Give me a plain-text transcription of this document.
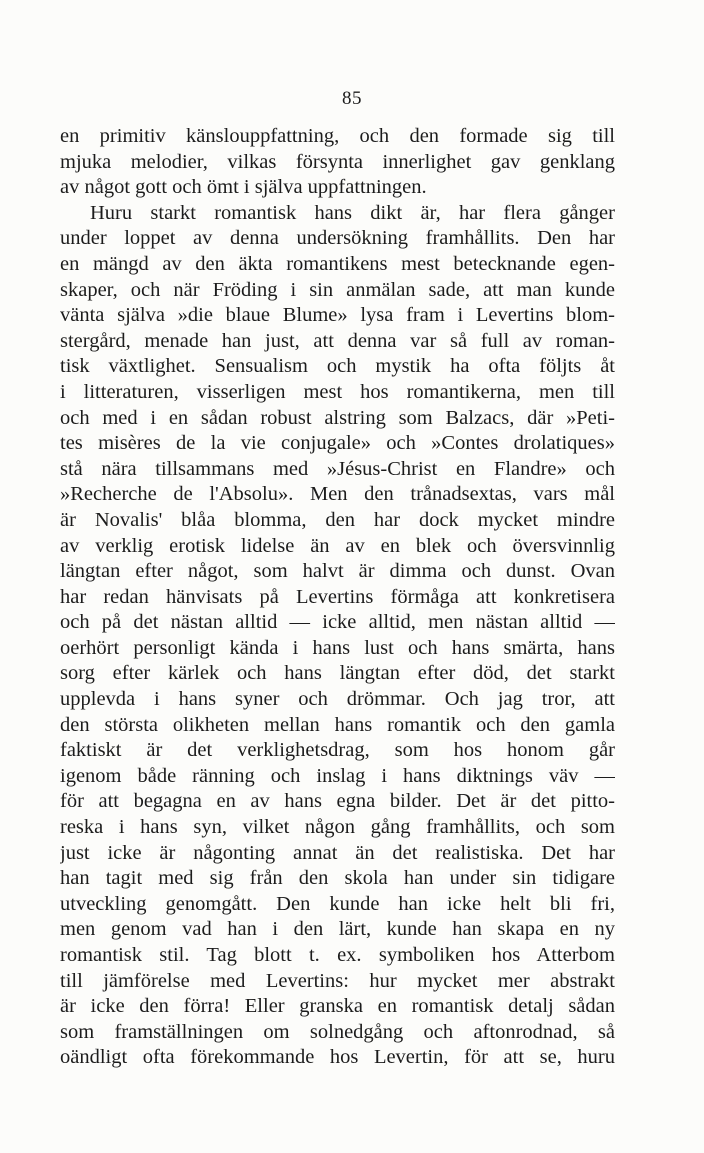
85
en primitiv känslouppfattning, och den formade sig till
mjuka melodier, vilkas försynta innerlighet gav genklang
av något gott och ömt i själva uppfattningen.
Huru starkt romantisk hans dikt är, har flera gånger
under loppet av denna undersökning framhållits. Den har
en mängd av den äkta romantikens mest betecknande egen-
skaper, och när Fröding i sin anmälan sade, att man kunde
vänta själva »die blaue Blume» lysa fram i Levertins blom-
stergård, menade han just, att denna var så full av roman-
tisk växtlighet. Sensualism och mystik ha ofta följts åt
i litteraturen, visserligen mest hos romantikerna, men till
och med i en sådan robust alstring som Balzacs, där »Peti-
tes misères de la vie conjugale» och »Contes drolatiques»
stå nära tillsammans med »Jésus-Christ en Flandre» och
»Recherche de l'Absolu». Men den trånadsextas, vars mål
är Novalis' blåa blomma, den har dock mycket mindre
av verklig erotisk lidelse än av en blek och översvinnlig
längtan efter något, som halvt är dimma och dunst. Ovan
har redan hänvisats på Levertins förmåga att konkretisera
och på det nästan alltid — icke alltid, men nästan alltid —
oerhört personligt kända i hans lust och hans smärta, hans
sorg efter kärlek och hans längtan efter död, det starkt
upplevda i hans syner och drömmar. Och jag tror, att
den största olikheten mellan hans romantik och den gamla
faktiskt är det verklighetsdrag, som hos honom går
igenom både ränning och inslag i hans diktnings väv —
för att begagna en av hans egna bilder. Det är det pitto-
reska i hans syn, vilket någon gång framhållits, och som
just icke är någonting annat än det realistiska. Det har
han tagit med sig från den skola han under sin tidigare
utveckling genomgått. Den kunde han icke helt bli fri,
men genom vad han i den lärt, kunde han skapa en ny
romantisk stil. Tag blott t. ex. symboliken hos Atterbom
till jämförelse med Levertins: hur mycket mer abstrakt
är icke den förra! Eller granska en romantisk detalj sådan
som framställningen om solnedgång och aftonrodnad, så
oändligt ofta förekommande hos Levertin, för att se, huru
